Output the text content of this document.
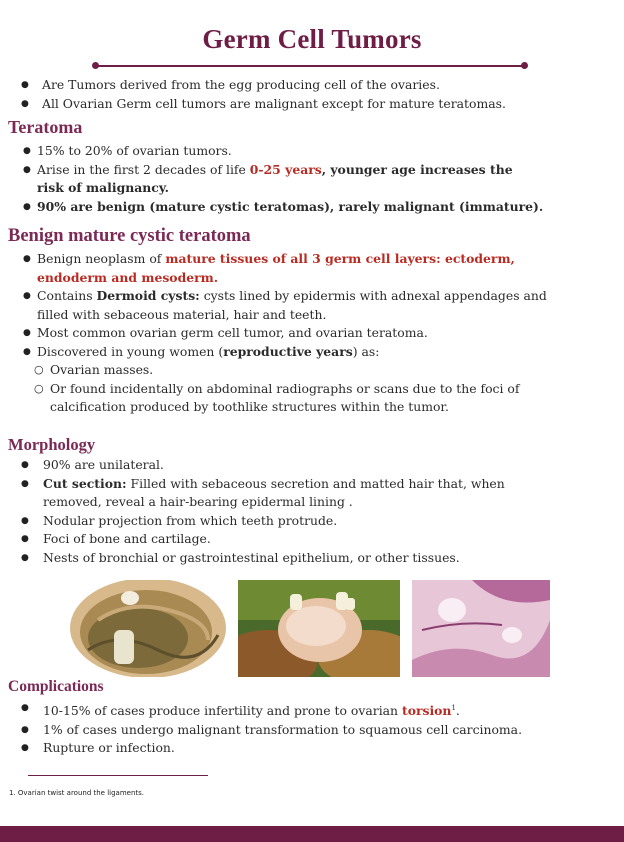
Germ Cell Tumors
● Are Tumors derived from the egg producing cell of the ovaries.
● All Ovarian Germ cell tumors are malignant except for mature teratomas.
Teratoma
● 15% to 20% of ovarian tumors.
● Arise in the first 2 decades of life 0-25 years, younger age increases the
risk of malignancy.
● 90% are benign (mature cystic teratomas), rarely malignant (immature).
Benign mature cystic teratoma
● Benign neoplasm of mature tissues of all 3 germ cell layers: ectoderm,
endoderm and mesoderm.
● Contains Dermoid cysts: cysts lined by epidermis with adnexal appendages and
filled with sebaceous material, hair and teeth.
● Most common ovarian germ cell tumor, and ovarian teratoma.
● Discovered in young women (reproductive years) as:
○ Ovarian masses.
○ Or found incidentally on abdominal radiographs or scans due to the foci of
calcification produced by toothlike structures within the tumor.
Morphology
● 90% are unilateral.
● Cut section: Filled with sebaceous secretion and matted hair that, when
removed, reveal a hair-bearing epidermal lining .
● Nodular projection from which teeth protrude.
● Foci of bone and cartilage.
● Nests of bronchial or gastrointestinal epithelium, or other tissues.
Complications
● 10-15% of cases produce infertility and prone to ovarian torsion$^1$.
● 1% of cases undergo malignant transformation to squamous cell carcinoma.
● Rupture or infection.
1. Ovarian twist around the ligaments.
